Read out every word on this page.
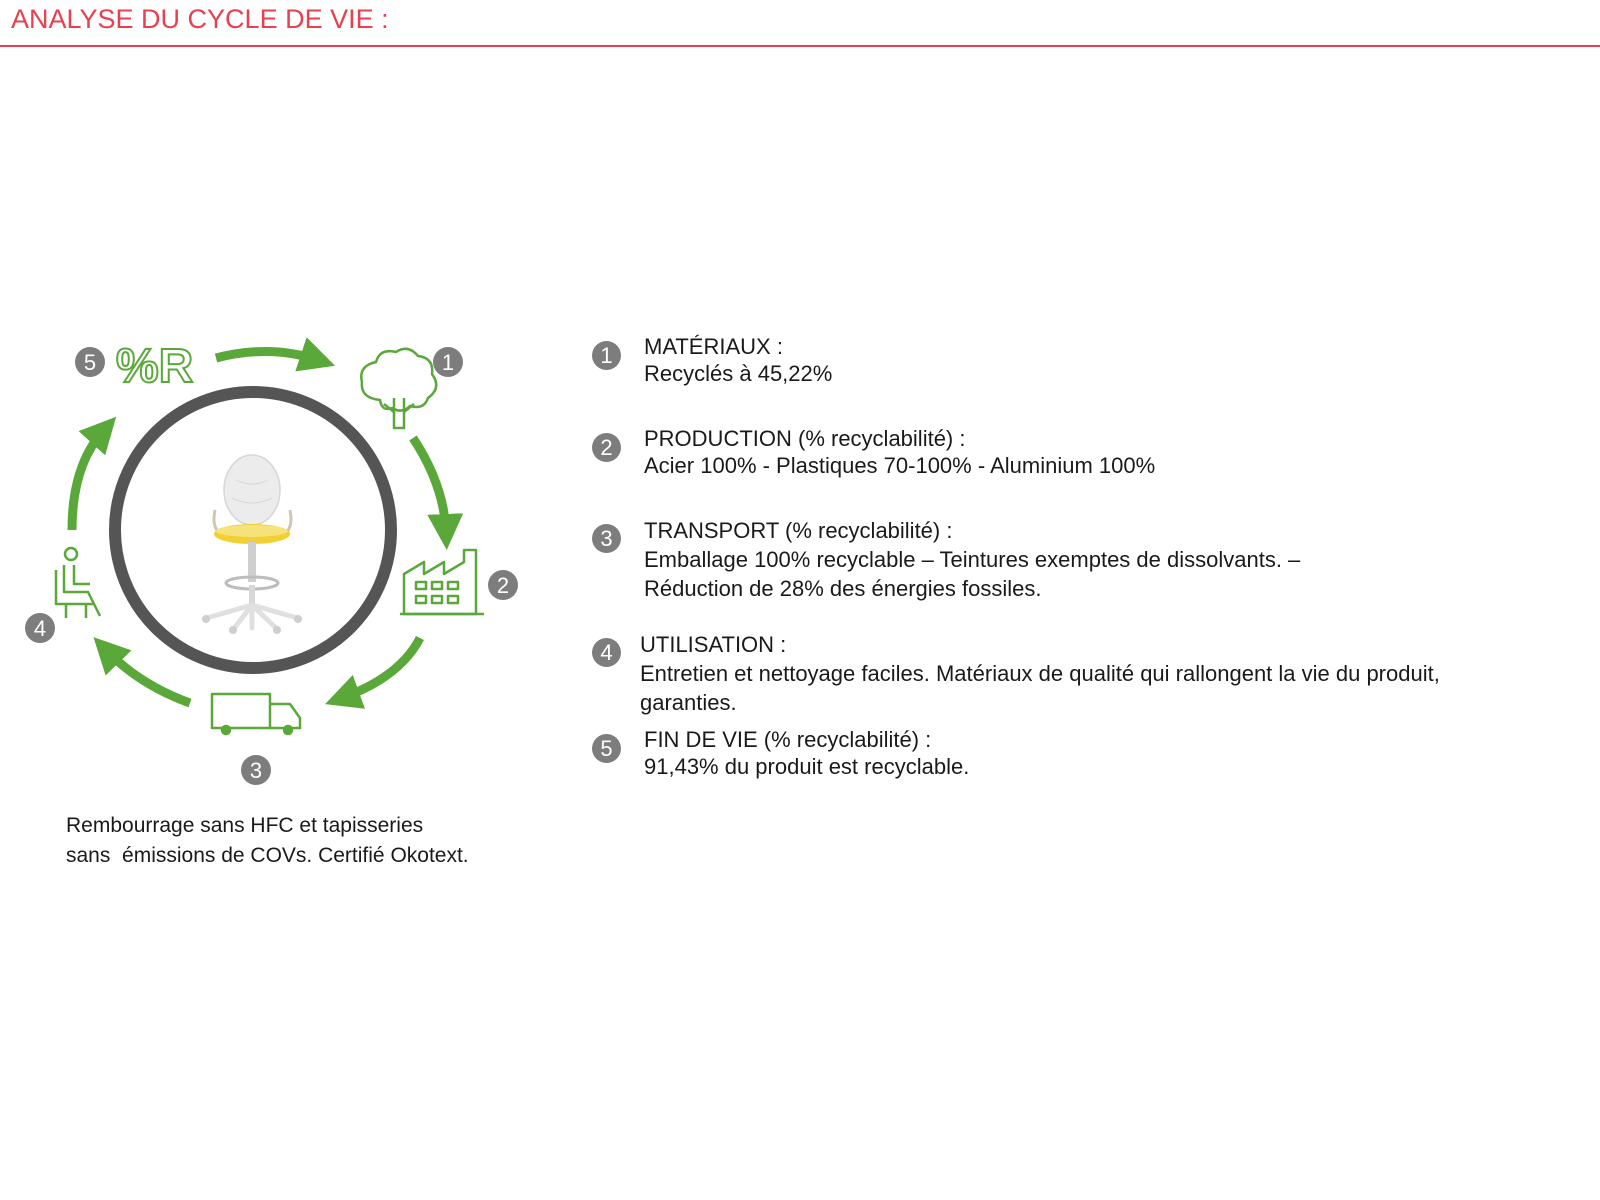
ANALYSE DU CYCLE DE VIE :
%R	1
2
3
4
5
Rembourrage sans HFC et tapisseries
sans  émissions de COVs. Certifié Okotext.
1	MATÉRIAUX :
Recyclés à 45,22%
2	PRODUCTION (% recyclabilité) :
Acier 100% - Plastiques 70-100% - Aluminium 100%
3	TRANSPORT (% recyclabilité) :
Emballage 100% recyclable – Teintures exemptes de dissolvants. –
Réduction de 28% des énergies fossiles.
4	UTILISATION :
Entretien et nettoyage faciles. Matériaux de qualité qui rallongent la vie du produit,
garanties.
5	FIN DE VIE (% recyclabilité) :
91,43% du produit est recyclable.
